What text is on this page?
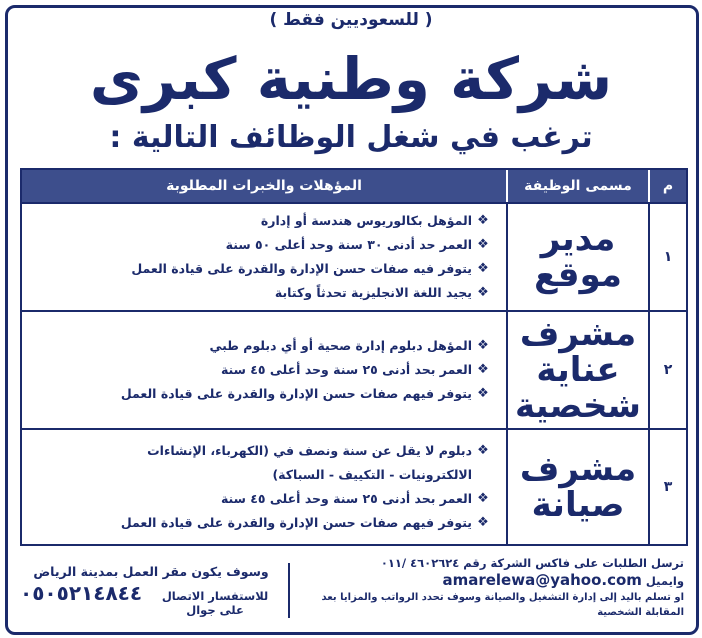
( للسعوديين فقط )
شركة وطنية كبرى
ترغب في شغل الوظائف التالية :
م
مسمى الوظيفة
المؤهلات والخبرات المطلوبة
١
مدير
موقع
❖
المؤهل بكالوريوس هندسة أو إدارة
❖
العمر حد أدنى ٣٠ سنة وحد أعلى ٥٠ سنة
❖
يتوفر فيه صفات حسن الإدارة والقدرة على قيادة العمل
❖
يجيد اللغة الانجليزية تحدثاً وكتابة
٢
مشرف
عناية
شخصية
❖
المؤهل دبلوم إدارة صحية أو أي دبلوم طبي
❖
العمر بحد أدنى ٢٥ سنة وحد أعلى ٤٥ سنة
❖
يتوفر فيهم صفات حسن الإدارة والقدرة على قيادة العمل
٣
مشرف
صيانة
❖
دبلوم لا يقل عن سنة ونصف في (الكهرباء، الإنشاءات
الالكترونيات - التكييف - السباكة)
❖
العمر بحد أدنى ٢٥ سنة وحد أعلى ٤٥ سنة
❖
يتوفر فيهم صفات حسن الإدارة والقدرة على قيادة العمل
ترسل الطلبات على فاكس الشركة رقم ٤٦٠٢٦٢٤ /٠١١
وايميل amarelewa@yahoo.com
او تسلم باليد إلى إدارة التشغيل والصيانة وسوف تحدد الرواتب والمزايا بعد المقابلة الشخصية
وسوف يكون مقر العمل بمدينة الرياض
للاستفسار الاتصال على جوال
٠٥٠٥٢١٤٨٤٤
